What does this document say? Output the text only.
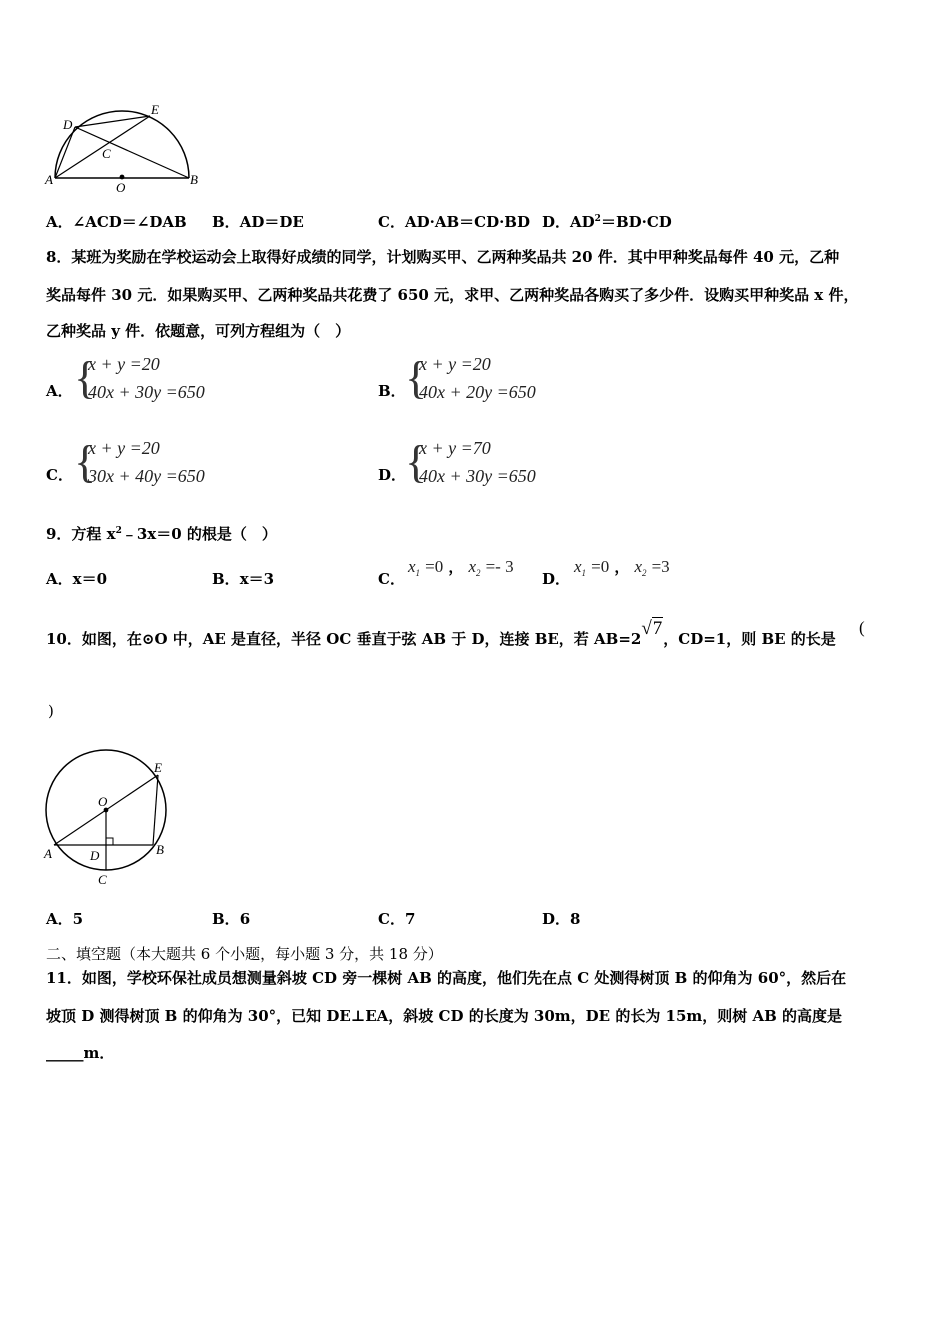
D
E
C
A
O
B
A．∠ACD＝∠DAB B．AD＝DE	C．AD·AB＝CD·BD D．$AD^2=BD\cdot CD$
8．某班为奖励在学校运动会上取得好成绩的同学，计划购买甲、乙两种奖品共 20 件．其中甲种奖品每件 40 元，乙种
奖品每件 30 元．如果购买甲、乙两种奖品共花费了 650 元，求甲、乙两种奖品各购买了多少件．设购买甲种奖品 x 件，
乙种奖品 y 件．依题意，可列方程组为（　）
A． {
x + y =20
40x + 30y =650	B． {
x + y =20
40x + 20y =650
C． {
x + y =20
30x + 40y =650	D．
{
x + y =70
40x + 30y =650
9．方程 $x^2﹣3x=0$ 的根是（　）
A．x＝0	B．x＝3	C．
$x_1 =0$ ， $x_2 =- 3$
D．
$x_1 =0$ ， $x_2 =3$
10．如图，在⊙O 中，AE 是直径，半径 OC 垂直于弦 AB 于 D，连接 BE，若 AB=2√7，CD=1，则 BE 的长是
(
)
O
E
A	D	B
C
A．5	B．6	C．7	D．8
二、填空题（本大题共 6 个小题，每小题 3 分，共 18 分）
11．如图，学校环保社成员想测量斜坡 CD 旁一棵树 AB 的高度，他们先在点 C 处测得树顶 B 的仰角为 60°，然后在
坡顶 D 测得树顶 B 的仰角为 30°，已知 DE⊥EA，斜坡 CD 的长度为 30m，DE 的长为 15m，则树 AB 的高度是
_____m．
